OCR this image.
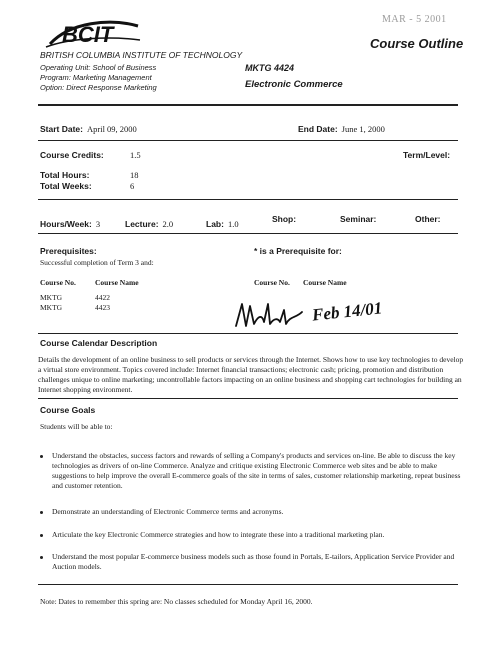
MAR - 5 2001
BCIT
BRITISH COLUMBIA INSTITUTE OF TECHNOLOGY
Course Outline
Operating Unit: School of Business
Program: Marketing Management
Option: Direct Response Marketing
MKTG 4424
Electronic Commerce
Start Date: April 09, 2000	End Date: June 1, 2000
Course Credits:	1.5	Term/Level:
Total Hours:	18
Total Weeks:	6
Hours/Week: 3	Lecture: 2.0	Lab: 1.0	Shop:	Seminar:	Other:
Prerequisites:	* is a Prerequisite for:
Successful completion of Term 3 and:
Course No.	Course Name	Course No. Course Name
MKTG	4422
MKTG	4423	Feb 14/01
Course Calendar Description
Details the development of an online business to sell products or services through the Internet. Shows how to use key technologies to develop a virtual store environment. Topics covered include: Internet financial transactions; electronic cash; pricing, promotion and distribution challenges unique to online marketing; uncontrollable factors impacting on an online business and shopping cart technologies for building an Internet shopping environment.
Course Goals
Students will be able to:
Understand the obstacles, success factors and rewards of selling a Company's products and services on-line. Be able to discuss the key technologies as drivers of on-line Commerce. Analyze and critique existing Electronic Commerce web sites and be able to make suggestions to help improve the overall E-commerce goals of the site in terms of sales, customer relationship marketing, repeat business and customer retention.
Demonstrate an understanding of Electronic Commerce terms and acronyms.
Articulate the key Electronic Commerce strategies and how to integrate these into a traditional marketing plan.
Understand the most popular E-commerce business models such as those found in Portals, E-tailors, Application Service Provider and Auction models.
Note: Dates to remember this spring are: No classes scheduled for Monday April 16, 2000.
